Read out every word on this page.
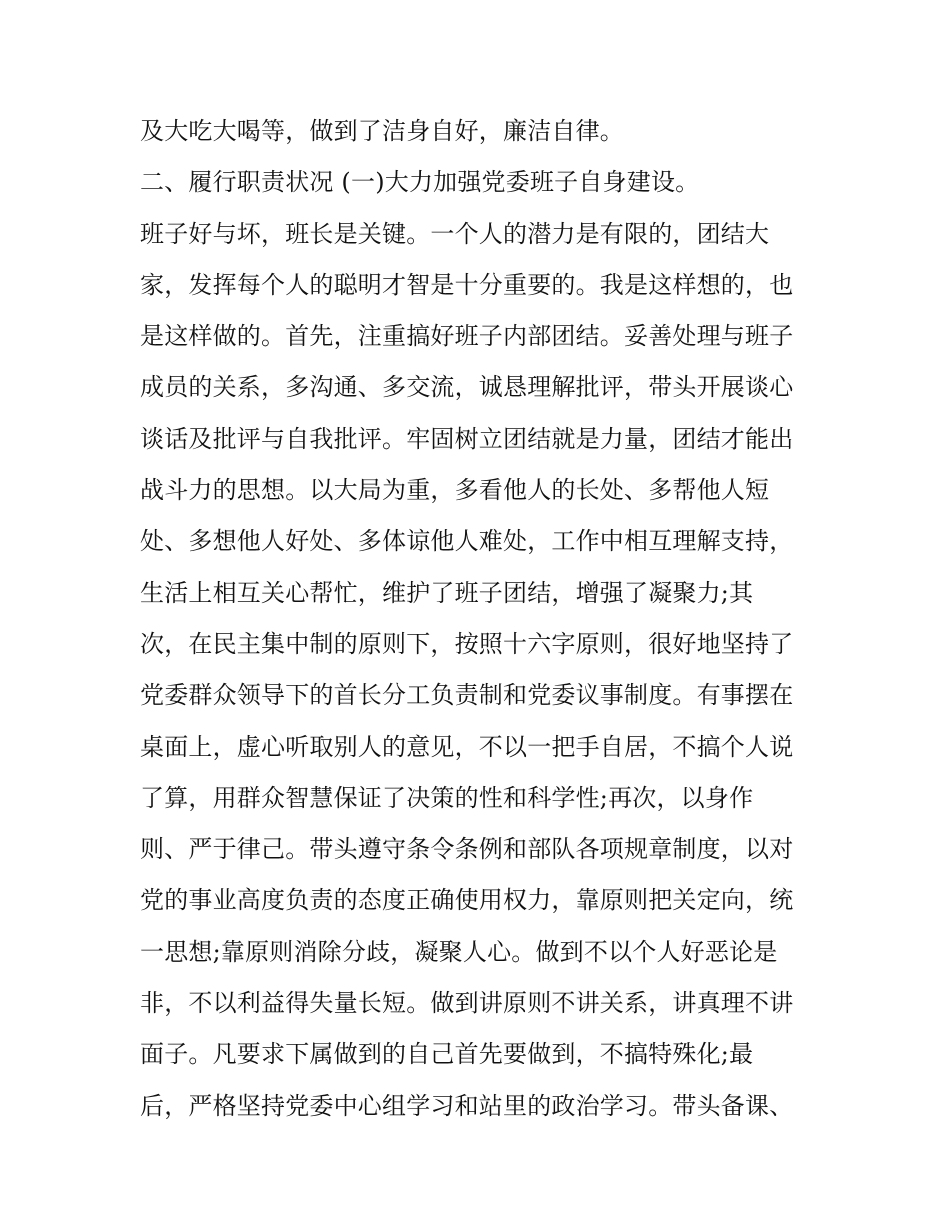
及大吃大喝等，做到了洁身自好，廉洁自律。
二、履行职责状况 (一)大力加强党委班子自身建设。
班子好与坏，班长是关键。一个人的潜力是有限的，团结大
家，发挥每个人的聪明才智是十分重要的。我是这样想的，也
是这样做的。首先，注重搞好班子内部团结。妥善处理与班子
成员的关系，多沟通、多交流，诚恳理解批评，带头开展谈心
谈话及批评与自我批评。牢固树立团结就是力量，团结才能出
战斗力的思想。以大局为重，多看他人的长处、多帮他人短
处、多想他人好处、多体谅他人难处，工作中相互理解支持，
生活上相互关心帮忙，维护了班子团结，增强了凝聚力;其
次，在民主集中制的原则下，按照十六字原则，很好地坚持了
党委群众领导下的首长分工负责制和党委议事制度。有事摆在
桌面上，虚心听取别人的意见，不以一把手自居，不搞个人说
了算，用群众智慧保证了决策的性和科学性;再次，以身作
则、严于律己。带头遵守条令条例和部队各项规章制度，以对
党的事业高度负责的态度正确使用权力，靠原则把关定向，统
一思想;靠原则消除分歧，凝聚人心。做到不以个人好恶论是
非，不以利益得失量长短。做到讲原则不讲关系，讲真理不讲
面子。凡要求下属做到的自己首先要做到，不搞特殊化;最
后，严格坚持党委中心组学习和站里的政治学习。带头备课、
